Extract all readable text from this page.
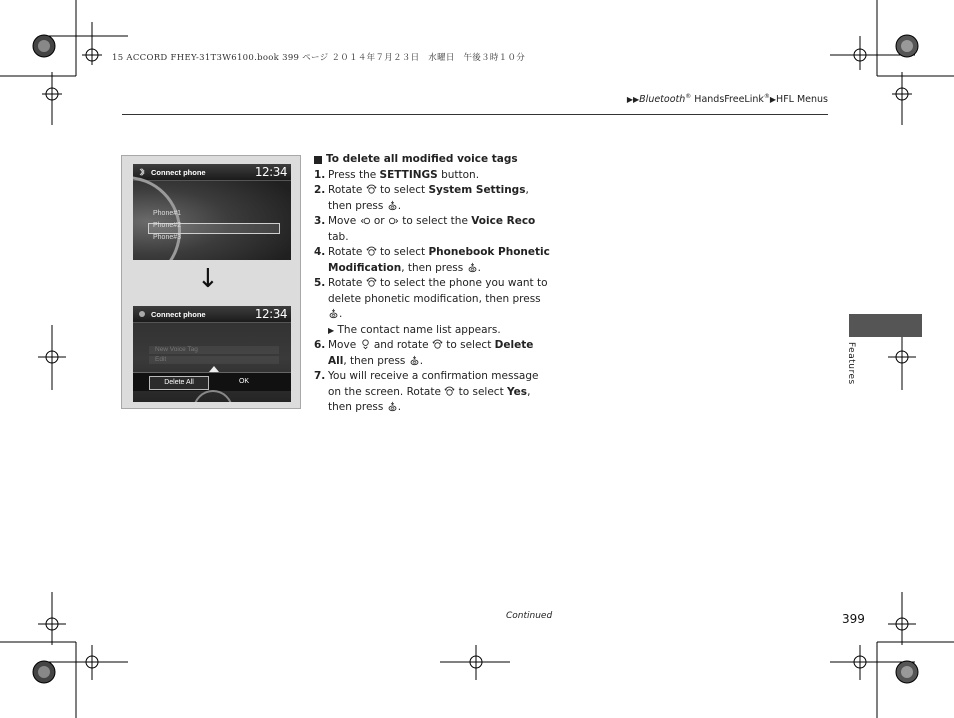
15 ACCORD FHEY-31T3W6100.book 399 ページ ２０１４年７月２３日　水曜日　午後３時１０分
▶▶Bluetooth® HandsFreeLink®▶HFL Menus
Connect phone	12:34
Phone#1
Phone#2
Phone#3
↓
Connect phone	12:34
New Voice Tag
Edit
Delete All	OK
To delete all modified voice tags
1. Press the SETTINGS button.
2. Rotate  to select System Settings, then press .
3. Move  or  to select the Voice Reco tab.
4. Rotate  to select Phonebook Phonetic Modification, then press .
5. Rotate  to select the phone you want to delete phonetic modification, then press .
▶ The contact name list appears.
6. Move  and rotate  to select Delete All, then press .
7. You will receive a confirmation message on the screen. Rotate  to select Yes, then press .
Features
Continued	399
